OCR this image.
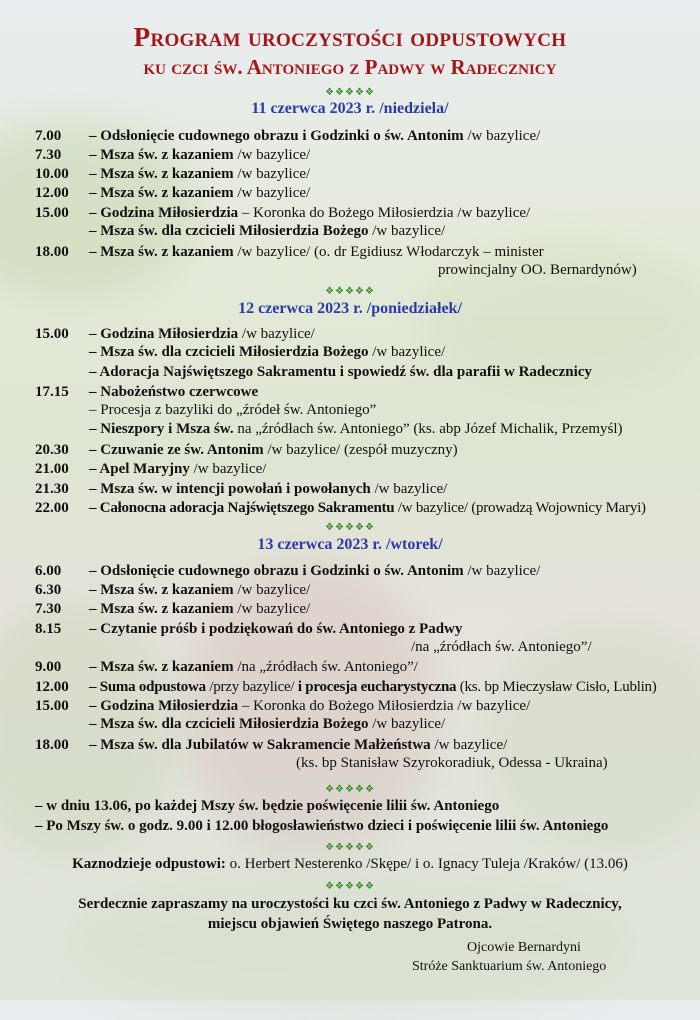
Program uroczystości odpustowych
ku czci św. Antoniego z Padwy w Radecznicy
❖❖❖❖❖
11 czerwca 2023 r. /niedziela/
7.00 – Odsłonięcie cudownego obrazu i Godzinki o św. Antonim /w bazylice/
7.30 – Msza św. z kazaniem /w bazylice/
10.00 – Msza św. z kazaniem /w bazylice/
12.00 – Msza św. z kazaniem /w bazylice/
15.00 – Godzina Miłosierdzia – Koronka do Bożego Miłosierdzia /w bazylice/
– Msza św. dla czcicieli Miłosierdzia Bożego /w bazylice/
18.00 – Msza św. z kazaniem /w bazylice/ (o. dr Egidiusz Włodarczyk – minister
prowincjalny OO. Bernardynów)
❖❖❖❖❖
12 czerwca 2023 r. /poniedziałek/
15.00 – Godzina Miłosierdzia /w bazylice/
– Msza św. dla czcicieli Miłosierdzia Bożego /w bazylice/
– Adoracja Najświętszego Sakramentu i spowiedź św. dla parafii w Radecznicy
17.15 – Nabożeństwo czerwcowe
– Procesja z bazyliki do „źródeł św. Antoniego”
– Nieszpory i Msza św. na „źródłach św. Antoniego” (ks. abp Józef Michalik, Przemyśl)
20.30 – Czuwanie ze św. Antonim /w bazylice/ (zespół muzyczny)
21.00 – Apel Maryjny /w bazylice/
21.30 – Msza św. w intencji powołań i powołanych /w bazylice/
22.00 – Całonocna adoracja Najświętszego Sakramentu /w bazylice/ (prowadzą Wojownicy Maryi)
❖❖❖❖❖
13 czerwca 2023 r. /wtorek/
6.00 – Odsłonięcie cudownego obrazu i Godzinki o św. Antonim /w bazylice/
6.30 – Msza św. z kazaniem /w bazylice/
7.30 – Msza św. z kazaniem /w bazylice/
8.15 – Czytanie próśb i podziękowań do św. Antoniego z Padwy
/na „źródłach św. Antoniego”/
9.00 – Msza św. z kazaniem /na „źródłach św. Antoniego”/
12.00 – Suma odpustowa /przy bazylice/ i procesja eucharystyczna (ks. bp Mieczysław Cisło, Lublin)
15.00 – Godzina Miłosierdzia – Koronka do Bożego Miłosierdzia /w bazylice/
– Msza św. dla czcicieli Miłosierdzia Bożego /w bazylice/
18.00 – Msza św. dla Jubilatów w Sakramencie Małżeństwa /w bazylice/
(ks. bp Stanisław Szyrokoradiuk, Odessa - Ukraina)
❖❖❖❖❖
– w dniu 13.06, po każdej Mszy św. będzie poświęcenie lilii św. Antoniego
– Po Mszy św. o godz. 9.00 i 12.00 błogosławieństwo dzieci i poświęcenie lilii św. Antoniego
❖❖❖❖❖
Kaznodzieje odpustowi: o. Herbert Nesterenko /Skępe/ i o. Ignacy Tuleja /Kraków/ (13.06)
❖❖❖❖❖
Serdecznie zapraszamy na uroczystości ku czci św. Antoniego z Padwy w Radecznicy,
miejscu objawień Świętego naszego Patrona.
Ojcowie Bernardyni
Stróże Sanktuarium św. Antoniego
